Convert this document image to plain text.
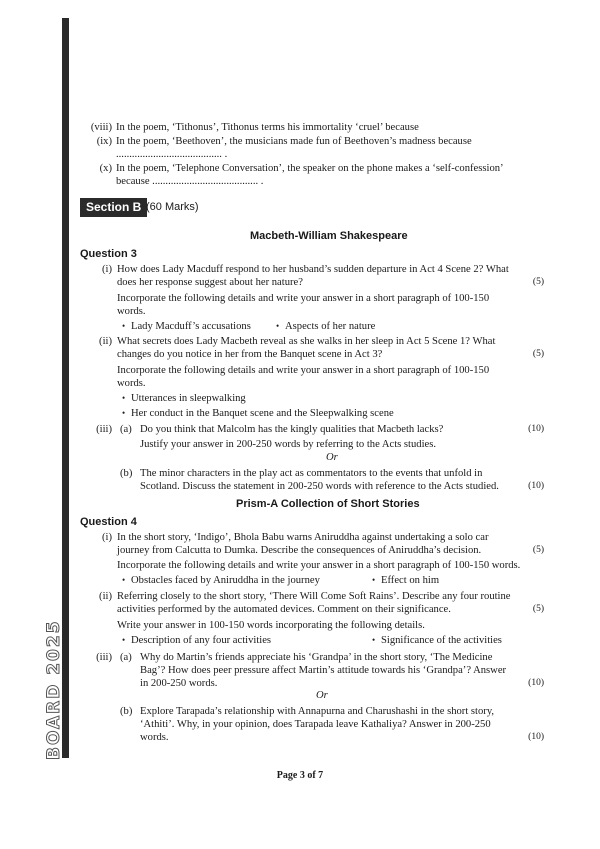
BOARD 2025
(viii) In the poem, ‘Tithonus’, Tithonus terms his immortality ‘cruel’ because
(ix) In the poem, ‘Beethoven’, the musicians made fun of Beethoven’s madness because
........................................ .
(x) In the poem, ‘Telephone Conversation’, the speaker on the phone makes a ‘self-confession’
because ........................................ .
Section B (60 Marks)
Macbeth-William Shakespeare
Question 3
(i) How does Lady Macduff respond to her husband’s sudden departure in Act 4 Scene 2? What
does her response suggest about her nature?	(5)
Incorporate the following details and write your answer in a short paragraph of 100-150
words.
• Lady Macduff’s accusations	• Aspects of her nature
(ii) What secrets does Lady Macbeth reveal as she walks in her sleep in Act 5 Scene 1? What
changes do you notice in her from the Banquet scene in Act 3?	(5)
Incorporate the following details and write your answer in a short paragraph of 100-150
words.
• Utterances in sleepwalking
• Her conduct in the Banquet scene and the Sleepwalking scene
(iii) (a) Do you think that Malcolm has the kingly qualities that Macbeth lacks?	(10)
Justify your answer in 200-250 words by referring to the Acts studies.
Or
(b) The minor characters in the play act as commentators to the events that unfold in
Scotland. Discuss the statement in 200-250 words with reference to the Acts studied.	(10)
Prism-A Collection of Short Stories
Question 4
(i) In the short story, ‘Indigo’, Bhola Babu warns Aniruddha against undertaking a solo car
journey from Calcutta to Dumka. Describe the consequences of Aniruddha’s decision.	(5)
Incorporate the following details and write your answer in a short paragraph of 100-150 words.
• Obstacles faced by Aniruddha in the journey	• Effect on him
(ii) Referring closely to the short story, ‘There Will Come Soft Rains’. Describe any four routine
activities performed by the automated devices. Comment on their significance.	(5)
Write your answer in 100-150 words incorporating the following details.
• Description of any four activities	• Significance of the activities
(iii) (a) Why do Martin’s friends appreciate his ‘Grandpa’ in the short story, ‘The Medicine
Bag’? How does peer pressure affect Martin’s attitude towards his ‘Grandpa’? Answer
in 200-250 words.	(10)
Or
(b) Explore Tarapada’s relationship with Annapurna and Charushashi in the short story,
‘Athiti’. Why, in your opinion, does Tarapada leave Kathaliya? Answer in 200-250
words.	(10)
Page 3 of 7
